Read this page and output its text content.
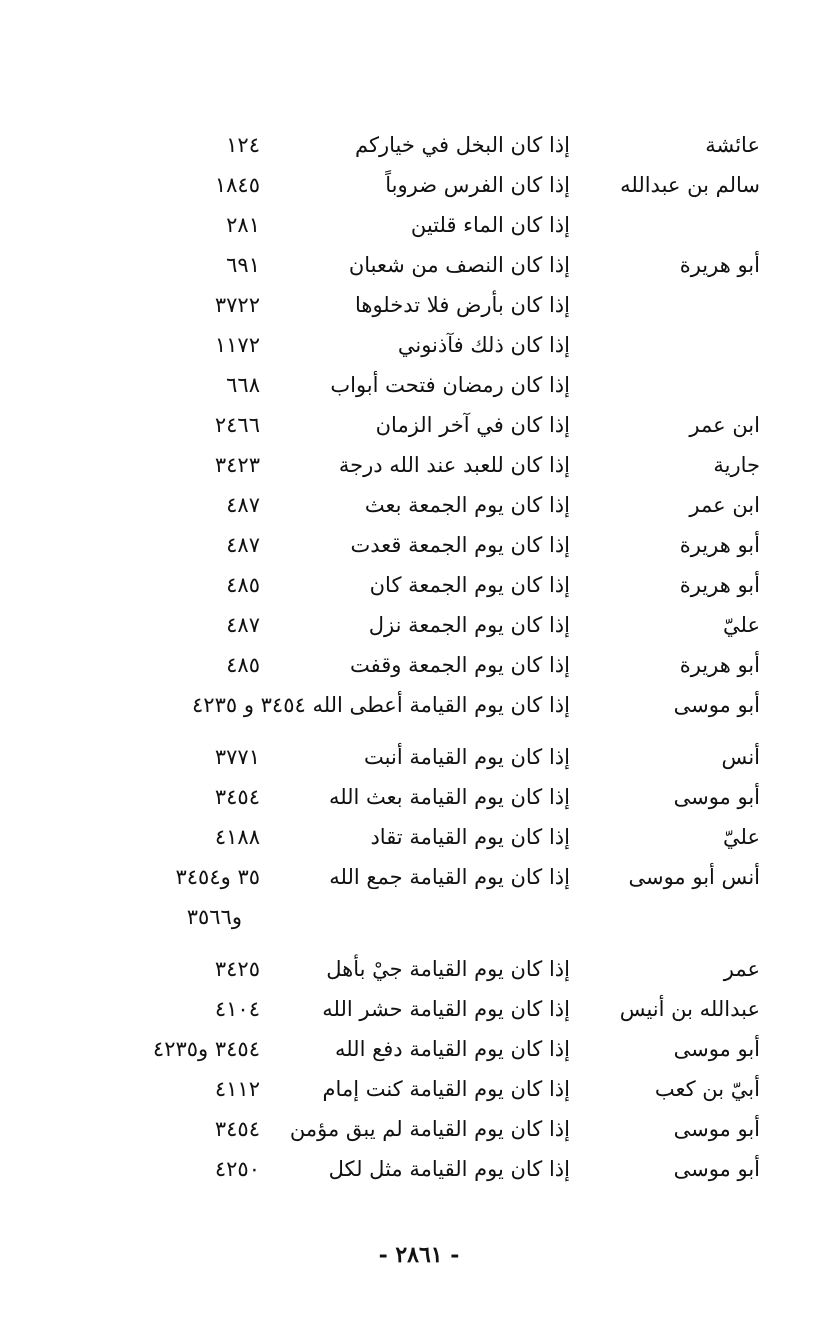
عائشة
إذا كان البخل في خياركم
١٢٤
سالم بن عبدالله
إذا كان الفرس ضروباً
١٨٤٥
إذا كان الماء قلتين
٢٨١
أبو هريرة
إذا كان النصف من شعبان
٦٩١
إذا كان بأرض فلا تدخلوها
٣٧٢٢
إذا كان ذلك فآذنوني
١١٧٢
إذا كان رمضان فتحت أبواب
٦٦٨
ابن عمر
إذا كان في آخر الزمان
٢٤٦٦
جارية
إذا كان للعبد عند الله درجة
٣٤٢٣
ابن عمر
إذا كان يوم الجمعة بعث
٤٨٧
أبو هريرة
إذا كان يوم الجمعة قعدت
٤٨٧
أبو هريرة
إذا كان يوم الجمعة كان
٤٨٥
عليّ
إذا كان يوم الجمعة نزل
٤٨٧
أبو هريرة
إذا كان يوم الجمعة وقفت
٤٨٥
أبو موسى
إذا كان يوم القيامة أعطى الله ٣٤٥٤ و ٤٢٣٥
أنس
إذا كان يوم القيامة أنبت
٣٧٧١
أبو موسى
إذا كان يوم القيامة بعث الله
٣٤٥٤
عليّ
إذا كان يوم القيامة تقاد
٤١٨٨
أنس أبو موسى
إذا كان يوم القيامة جمع الله
٣٥ و٣٤٥٤
و٣٥٦٦
عمر
إذا كان يوم القيامة جيْ بأهل
٣٤٢٥
عبدالله بن أنيس
إذا كان يوم القيامة حشر الله
٤١٠٤
أبو موسى
إذا كان يوم القيامة دفع الله
٣٤٥٤ و٤٢٣٥
أبيّ بن كعب
إذا كان يوم القيامة كنت إمام
٤١١٢
أبو موسى
إذا كان يوم القيامة لم يبق مؤمن
٣٤٥٤
أبو موسى
إذا كان يوم القيامة مثل لكل
٤٢٥٠
- ٢٨٦١ -
